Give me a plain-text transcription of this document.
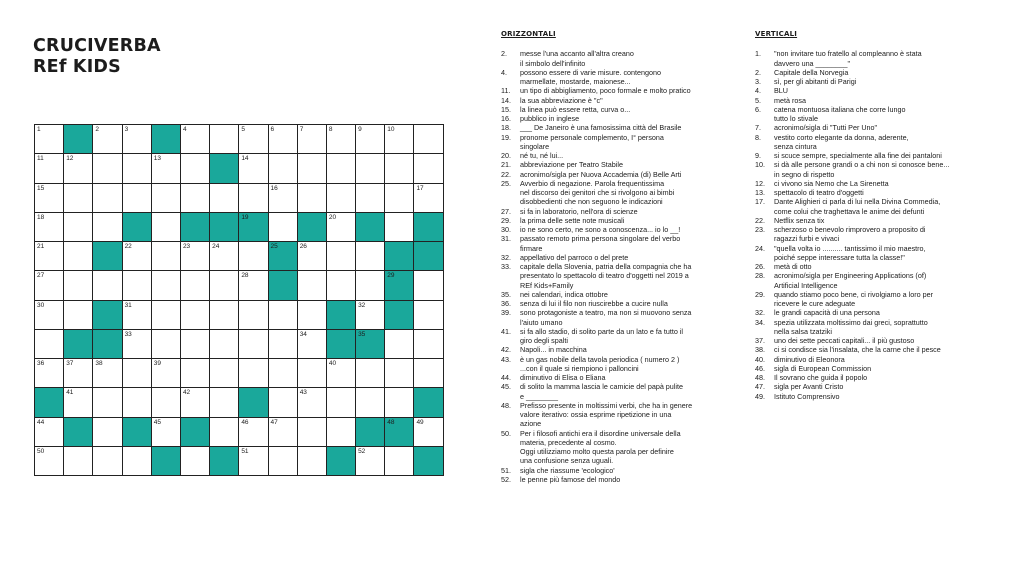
CRUCIVERBA
REf KIDS
1	2	3	4	5	6	7	8	9	10
11	12	13	14
15	16	17
18	19	20
21	22	23	24	25	26
27	28	29
30	31	32
33	34	35
36	37	38	39	40
41	42	43
44	45	46	47	48	49
50	51	52
ORIZZONTALI
2.	messe l'una accanto all'altra creano
il simbolo dell'infinito
4.	possono essere di varie misure. contengono
marmellate, mostarde, maionese...
11.	un tipo di abbigliamento, poco formale e molto pratico
14.	la sua abbreviazione è "c"
15.	la linea può essere retta, curva o...
16.	pubblico in inglese
18.	___ De Janeiro è una famosissima città del Brasile
19.	pronome personale complemento, I° persona
singolare
20.	né tu, né lui...
21.	abbreviazione per Teatro Stabile
22.	acronimo/sigla per Nuova Accademia (di) Belle Arti
25.	Avverbio di negazione. Parola frequentissima
nel discorso dei genitori che si rivolgono ai bimbi
disobbedienti che non seguono le indicazioni
27.	si fa in laboratorio, nell'ora di scienze
29.	la prima delle sette note musicali
30.	io ne sono certo, ne sono a conoscenza... io lo __!
31.	passato remoto prima persona singolare del verbo
firmare
32.	appellativo del parroco o del prete
33.	capitale della Slovenia, patria della compagnia che ha
presentato lo spettacolo di teatro d'oggetti nel 2019 a
REf Kids+Family
35.	nei calendari, indica ottobre
36.	senza di lui il filo non riuscirebbe a cucire nulla
39.	sono protagoniste a teatro, ma non si muovono senza
l'aiuto umano
41.	si fa allo stadio, di solito parte da un lato e fa tutto il
giro degli spalti
42.	Napoli... in macchina
43.	è un gas nobile della tavola periodica ( numero 2 )
...con il quale si riempiono i palloncini
44.	diminutivo di Elisa o Eliana
45.	di solito la mamma lascia le camicie del papà pulite
e ________
48.	Prefisso presente in moltissimi verbi, che ha in genere
valore iterativo: ossia esprime ripetizione in una
azione
50.	Per i filosofi antichi era il disordine universale della
materia, precedente al cosmo.
Oggi utilizziamo molto questa parola per definire
una confusione senza uguali.
51.	sigla che riassume 'ecologico'
52.	le penne più famose del mondo
VERTICALI
1.	"non invitare tuo fratello al compleanno è stata
davvero una ________"
2.	Capitale della Norvegia
3.	sì, per gli abitanti di Parigi
4.	BLU
5.	metà rosa
6.	catena montuosa italiana che corre lungo
tutto lo stivale
7.	acronimo/sigla di "Tutti Per Uno"
8.	vestito corto elegante da donna, aderente,
senza cintura
9.	si scuce sempre, specialmente alla fine dei pantaloni
10.	si dà alle persone grandi o a chi non si conosce bene...
in segno di rispetto
12.	ci vivono sia Nemo che La Sirenetta
13.	spettacolo di teatro d'oggetti
17.	Dante Alighieri ci parla di lui nella Divina Commedia,
come colui che traghettava le anime dei defunti
22.	Netflix senza tix
23.	scherzoso o benevolo rimprovero a proposito di
ragazzi furbi e vivaci
24.	"quella volta io .......... tantissimo il mio maestro,
poiché seppe interessare tutta la classe!"
26.	metà di otto
28.	acronimo/sigla per Engineering Applications (of)
Artificial Intelligence
29.	quando stiamo poco bene, ci rivolgiamo a loro per
ricevere le cure adeguate
32.	le grandi capacità di una persona
34.	spezia utilizzata moltissimo dai greci, soprattutto
nella salsa tzatziki
37.	uno dei sette peccati capitali... il più gustoso
38.	ci si condisce sia l'insalata, che la carne che il pesce
40.	diminutivo di Eleonora
46.	sigla di European Commission
48.	Il sovrano che guida il popolo
47.	sigla per Avanti Cristo
49.	Istituto Comprensivo
